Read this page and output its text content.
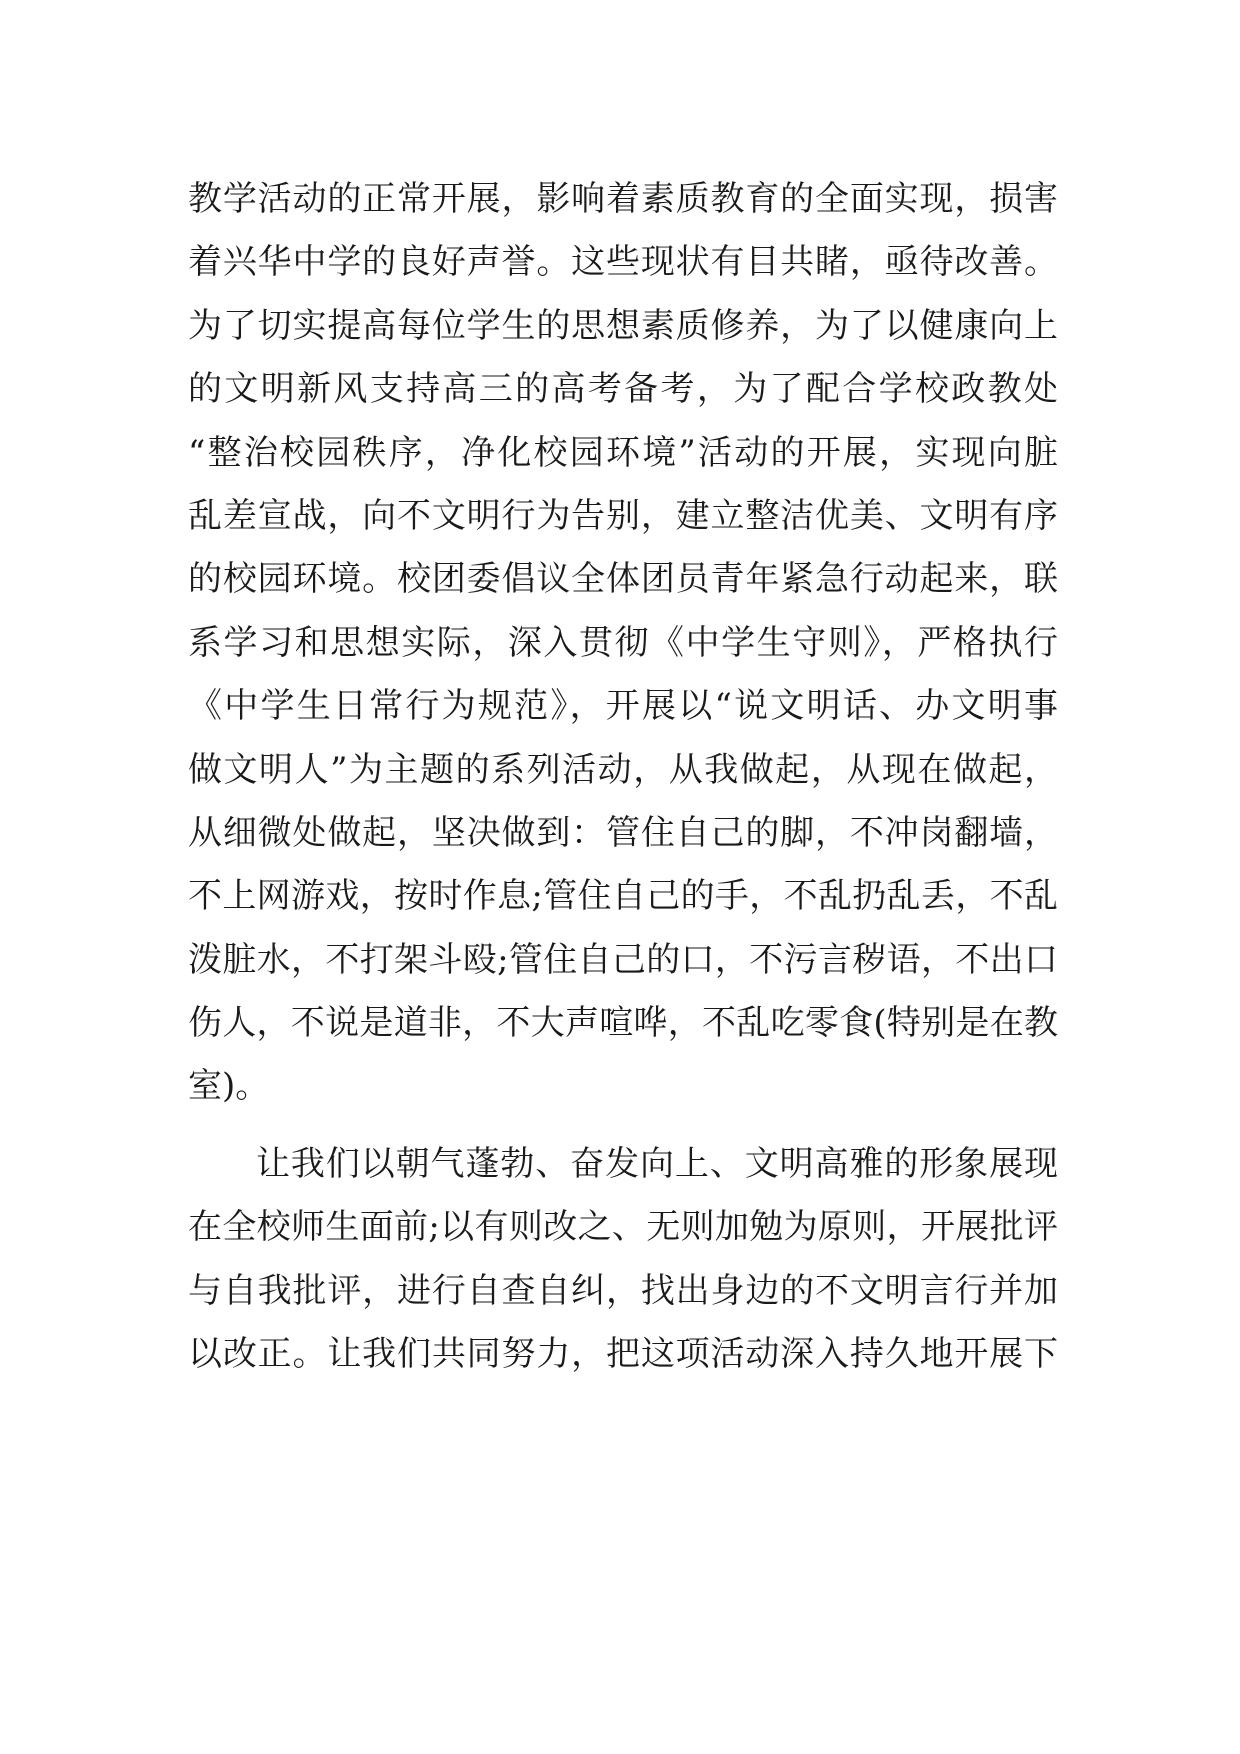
教学活动的正常开展，影响着素质教育的全面实现，损害
着兴华中学的良好声誉。这些现状有目共睹，亟待改善。
为了切实提高每位学生的思想素质修养，为了以健康向上
的文明新风支持高三的高考备考，为了配合学校政教处
“整治校园秩序，净化校园环境”活动的开展，实现向脏
乱差宣战，向不文明行为告别，建立整洁优美、文明有序
的校园环境。校团委倡议全体团员青年紧急行动起来，联
系学习和思想实际，深入贯彻《中学生守则》，严格执行
《中学生日常行为规范》，开展以“说文明话、办文明事
做文明人”为主题的系列活动，从我做起，从现在做起，
从细微处做起，坚决做到：管住自己的脚，不冲岗翻墙，
不上网游戏，按时作息;管住自己的手，不乱扔乱丢，不乱
泼脏水，不打架斗殴;管住自己的口，不污言秽语，不出口
伤人，不说是道非，不大声喧哗，不乱吃零食(特别是在教
室)。
让我们以朝气蓬勃、奋发向上、文明高雅的形象展现
在全校师生面前;以有则改之、无则加勉为原则，开展批评
与自我批评，进行自查自纠，找出身边的不文明言行并加
以改正。让我们共同努力，把这项活动深入持久地开展下
